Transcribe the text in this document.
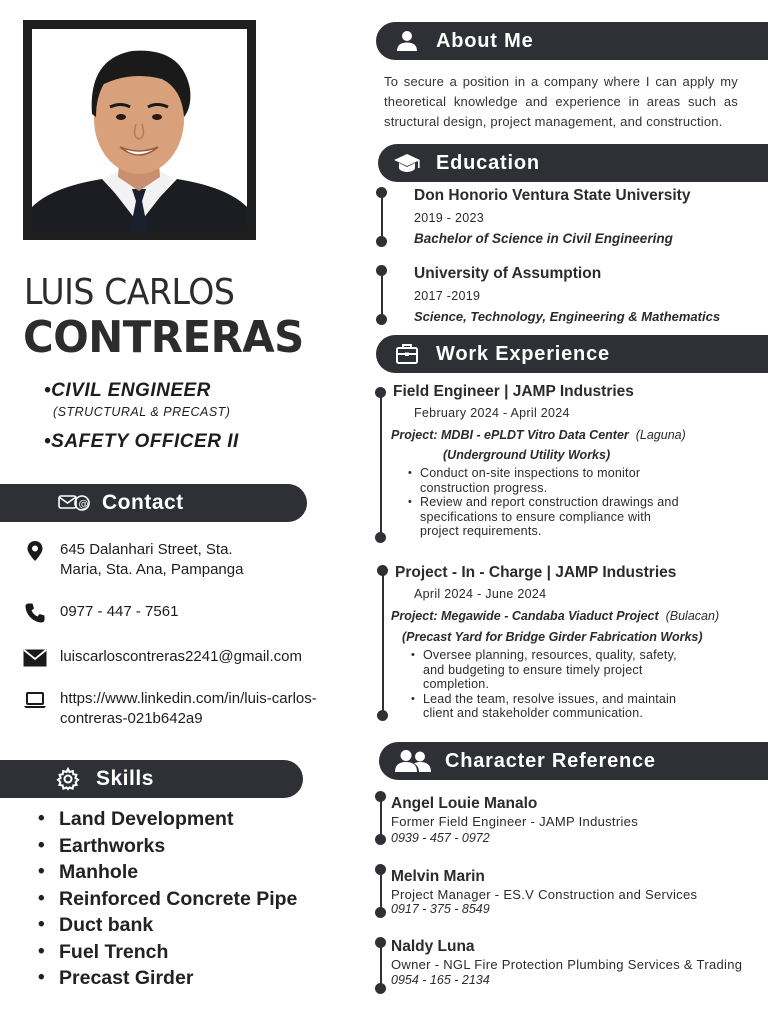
LUIS CARLOS
CONTRERAS
•CIVIL ENGINEER
(STRUCTURAL & PRECAST)
•SAFETY OFFICER II
@ Contact
645 Dalanhari Street, Sta.
Maria, Sta. Ana, Pampanga
0977 - 447 - 7561
luiscarloscontreras2241@gmail.com
https://www.linkedin.com/in/luis-carlos-
contreras-021b642a9
Skills
• Land Development
• Earthworks
• Manhole
• Reinforced Concrete Pipe
• Duct bank
• Fuel Trench
• Precast Girder
About Me
To secure a position in a company where I can apply my theoretical knowledge and experience in areas such as structural design, project management, and construction.
Education
Don Honorio Ventura State University
2019 - 2023
Bachelor of Science in Civil Engineering
University of Assumption
2017 -2019
Science, Technology, Engineering & Mathematics
Work Experience
Field Engineer | JAMP Industries
February 2024 - April 2024
Project: MDBI - ePLDT Vitro Data Center (Laguna)
(Underground Utility Works)
• Conduct on-site inspections to monitor
construction progress.
• Review and report construction drawings and
specifications to ensure compliance with
project requirements.
Project - In - Charge | JAMP Industries
April 2024 - June 2024
Project: Megawide - Candaba Viaduct Project (Bulacan)
(Precast Yard for Bridge Girder Fabrication Works)
• Oversee planning, resources, quality, safety,
and budgeting to ensure timely project
completion.
• Lead the team, resolve issues, and maintain
client and stakeholder communication.
Character Reference
Angel Louie Manalo
Former Field Engineer - JAMP Industries
0939 - 457 - 0972
Melvin Marin
Project Manager - ES.V Construction and Services
0917 - 375 - 8549
Naldy Luna
Owner - NGL Fire Protection Plumbing Services & Trading
0954 - 165 - 2134
